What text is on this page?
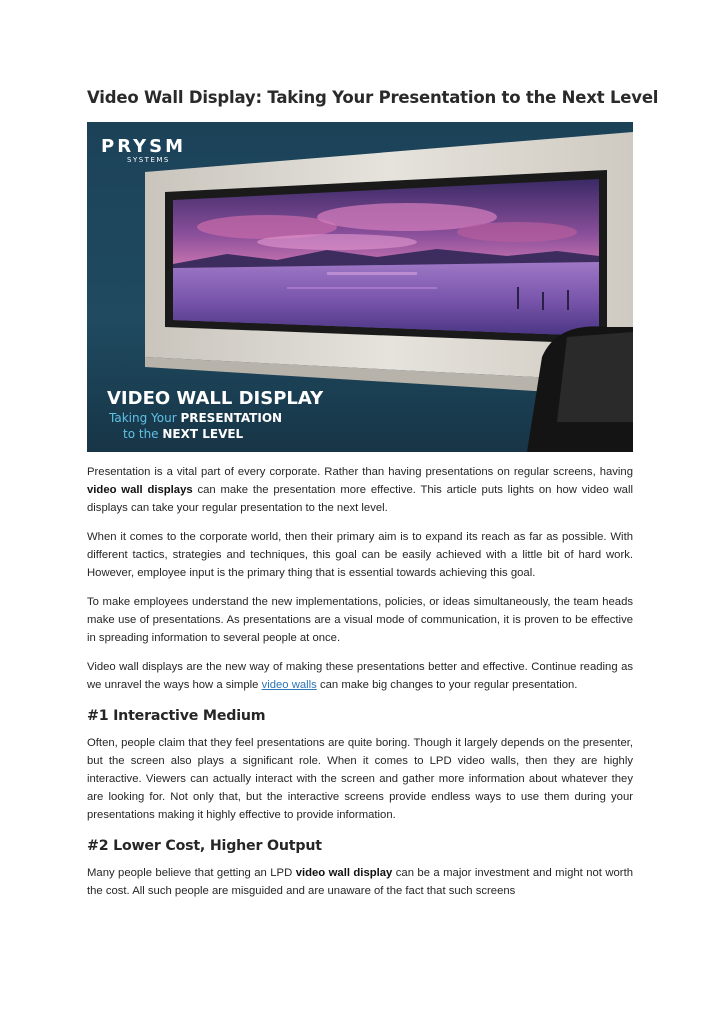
Video Wall Display: Taking Your Presentation to the Next Level
PRYSM
SYSTEMS
VIDEO WALL DISPLAY
Taking Your PRESENTATION
to the NEXT LEVEL

Presentation is a vital part of every corporate. Rather than having presentations on regular screens, having video wall displays can make the presentation more effective. This article puts lights on how video wall displays can take your regular presentation to the next level.

When it comes to the corporate world, then their primary aim is to expand its reach as far as possible. With different tactics, strategies and techniques, this goal can be easily achieved with a little bit of hard work. However, employee input is the primary thing that is essential towards achieving this goal.

To make employees understand the new implementations, policies, or ideas simultaneously, the team heads make use of presentations. As presentations are a visual mode of communication, it is proven to be effective in spreading information to several people at once.

Video wall displays are the new way of making these presentations better and effective. Continue reading as we unravel the ways how a simple video walls can make big changes to your regular presentation.

#1 Interactive Medium

Often, people claim that they feel presentations are quite boring. Though it largely depends on the presenter, but the screen also plays a significant role. When it comes to LPD video walls, then they are highly interactive. Viewers can actually interact with the screen and gather more information about whatever they are looking for. Not only that, but the interactive screens provide endless ways to use them during your presentations making it highly effective to provide information.

#2 Lower Cost, Higher Output

Many people believe that getting an LPD video wall display can be a major investment and might not worth the cost. All such people are misguided and are unaware of the fact that such screens
